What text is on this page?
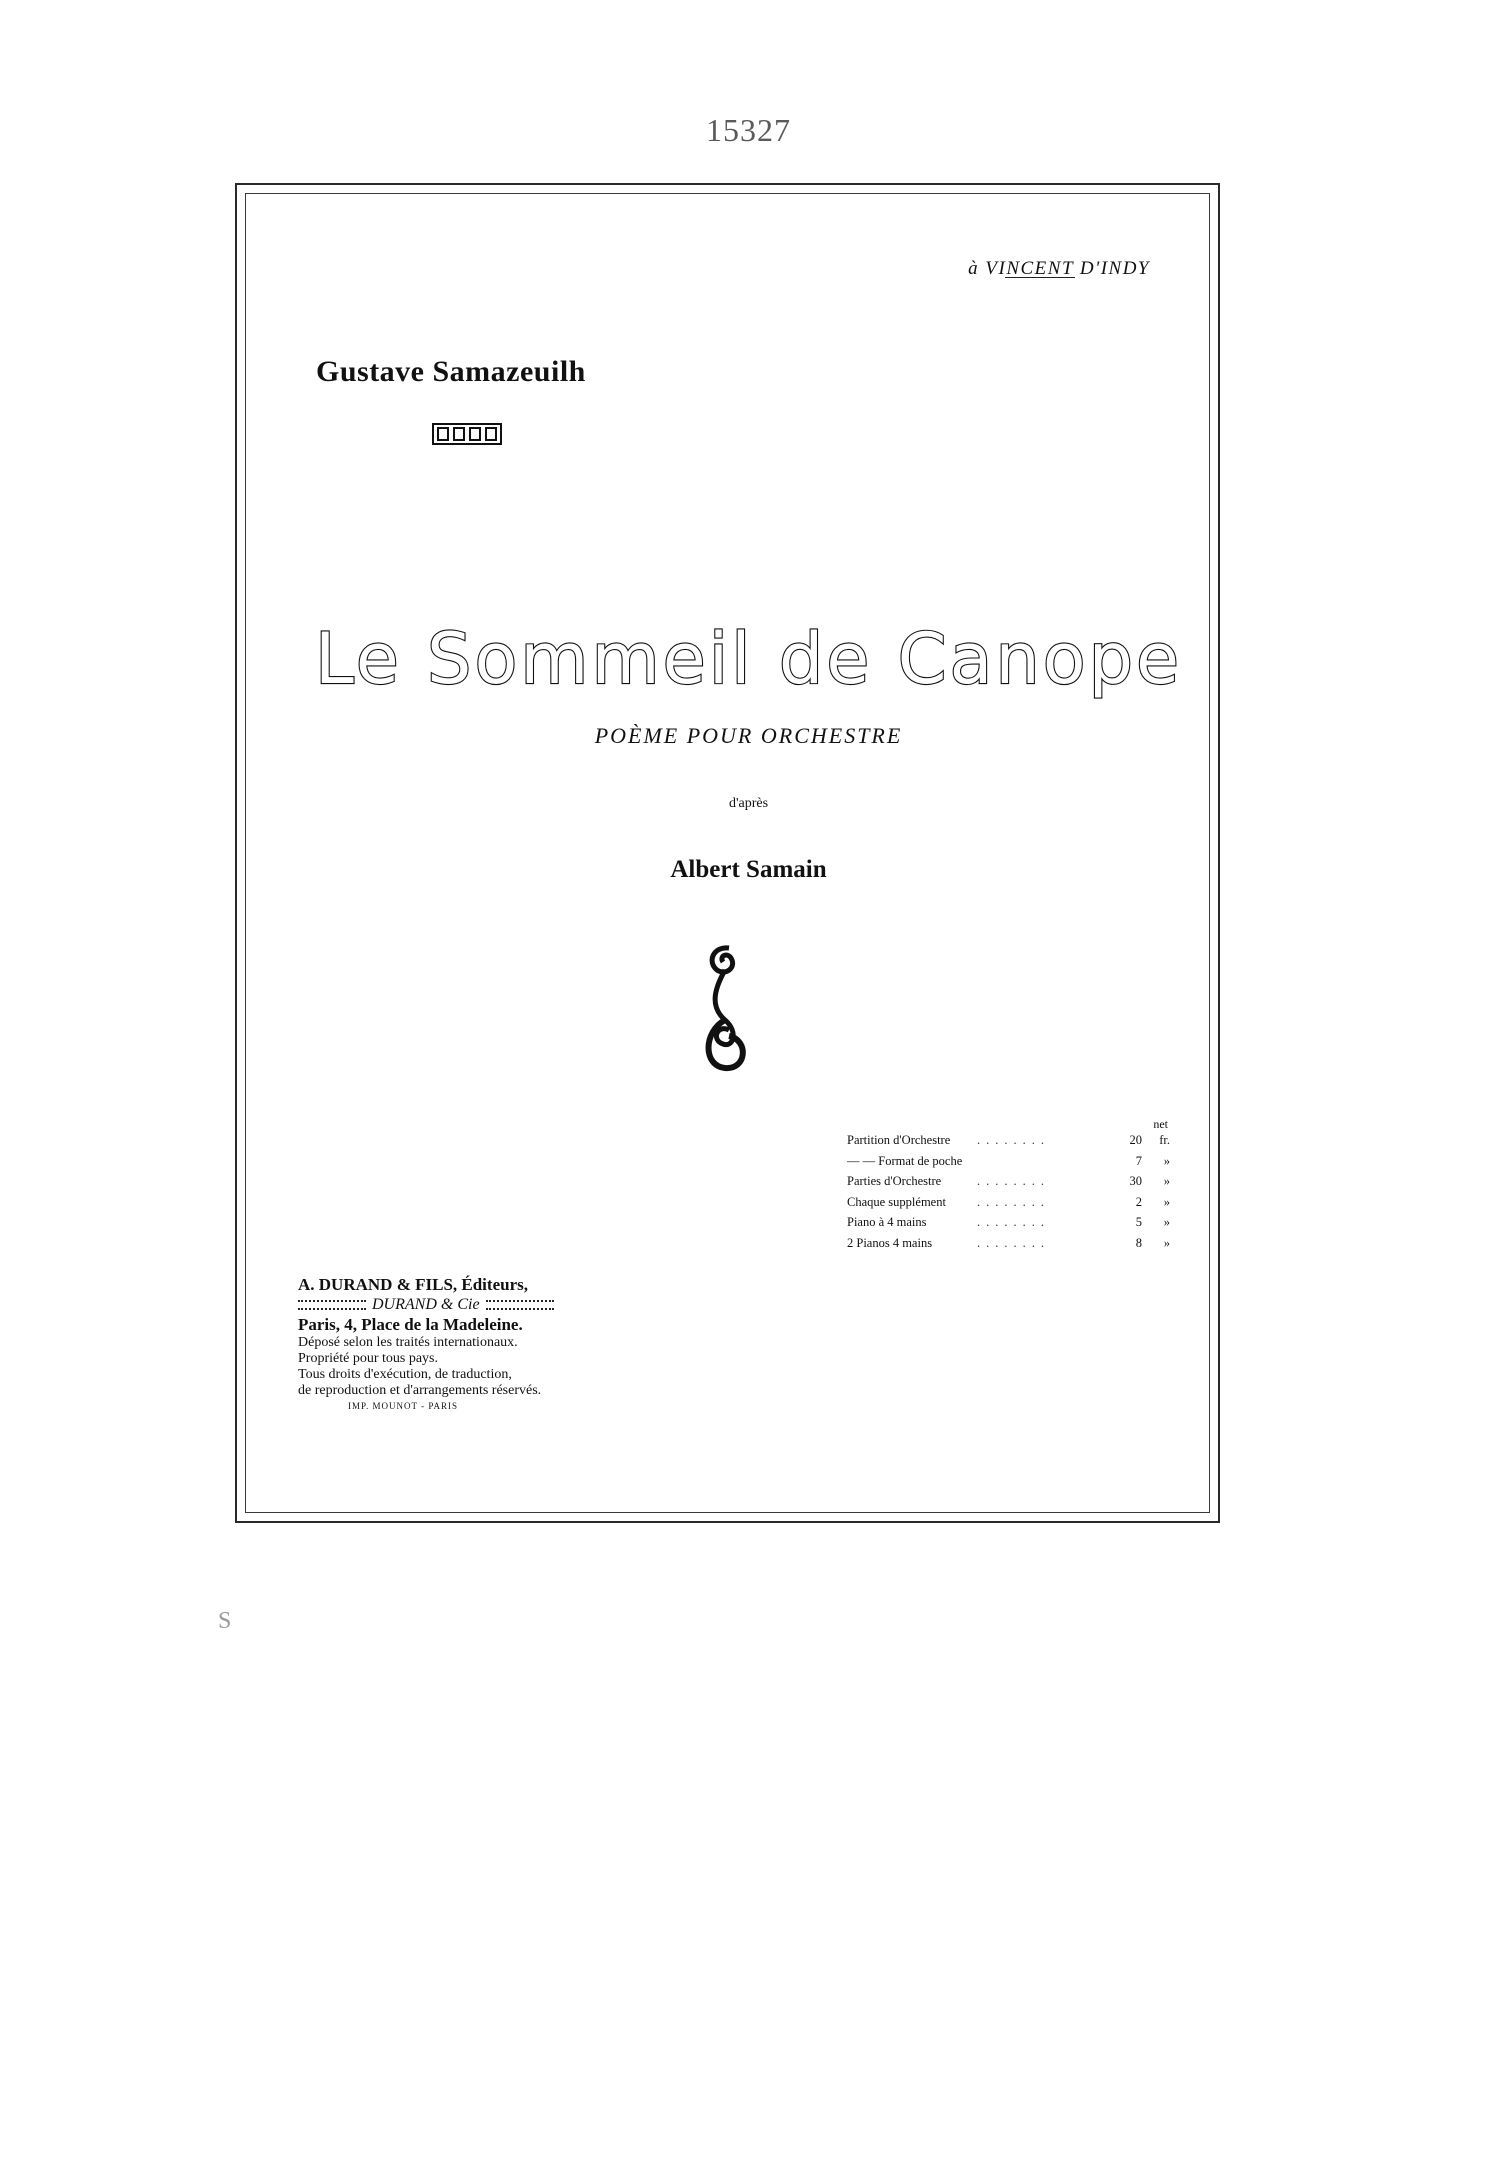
15327
à VINCENT D'INDY
Gustave Samazeuilh
Le Sommeil de Canope
POÈME POUR ORCHESTRE
d'après
Albert Samain
net
Partition d'Orchestre ........	20 fr.
— — Format de poche	7 »
Parties d'Orchestre	........	30 »
Chaque supplément ........	2 »
Piano à 4 mains	........	5 »
2 Pianos 4 mains	........	8 »
A. DURAND & FILS, Éditeurs,
DURAND & Cie
Paris, 4, Place de la Madeleine.
Déposé selon les traités internationaux.
Propriété pour tous pays.
Tous droits d'exécution, de traduction,
de reproduction et d'arrangements réservés.
IMP. MOUNOT - PARIS
S
